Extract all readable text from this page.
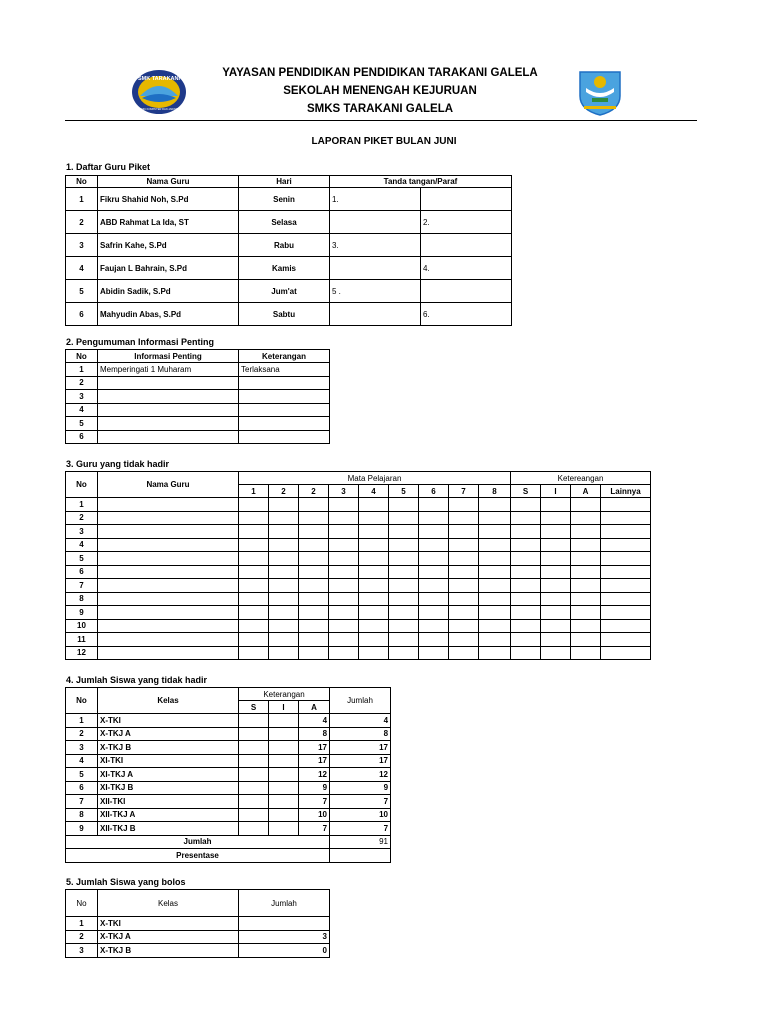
SMK TARAKANI
TEKNIK KOMPUTER DAN JARINGAN
YAYASAN PENDIDIKAN PENDIDIKAN TARAKANI GALELA
SEKOLAH MENENGAH KEJURUAN
SMKS TARAKANI GALELA
LAPORAN PIKET BULAN JUNI
1. Daftar Guru Piket
No	Nama Guru	Hari	Tanda tangan/Paraf	
1	Fikru Shahid Noh, S.Pd	Senin	1.	
2	ABD Rahmat La Ida, ST	Selasa		2.
3	Safrin Kahe, S.Pd	Rabu	3.	
4	Faujan L Bahrain, S.Pd	Kamis		4.
5	Abidin Sadik, S.Pd	Jum'at	5 .	
6	Mahyudin Abas, S.Pd	Sabtu		6.
2. Pengumuman Informasi Penting
No	Informasi Penting	Keterangan
1	Memperingati 1 Muharam	Terlaksana
2		
3		
4		
5		
6		
3. Guru yang tidak hadir
No	Nama Guru	Mata Pelajaran									Ketereangan			
		1	2	2	3	4	5	6	7	8	S	I	A	Lainnya
1														
2														
3														
4														
5														
6														
7														
8														
9														
10														
11														
12														
4. Jumlah Siswa yang tidak hadir
No	Kelas	Keterangan			Jumlah
		S	I	A	
1	X-TKI			4	4
2	X-TKJ A			8	8
3	X-TKJ B			17	17
4	XI-TKI			17	17
5	XI-TKJ A			12	12
6	XI-TKJ B			9	9
7	XII-TKI			7	7
8	XII-TKJ A			10	10
9	XII-TKJ B			7	7
Jumlah					91
Presentase					
5. Jumlah Siswa yang bolos
No	Kelas	Jumlah
1	X-TKI	
2	X-TKJ A	3
3	X-TKJ B	0
